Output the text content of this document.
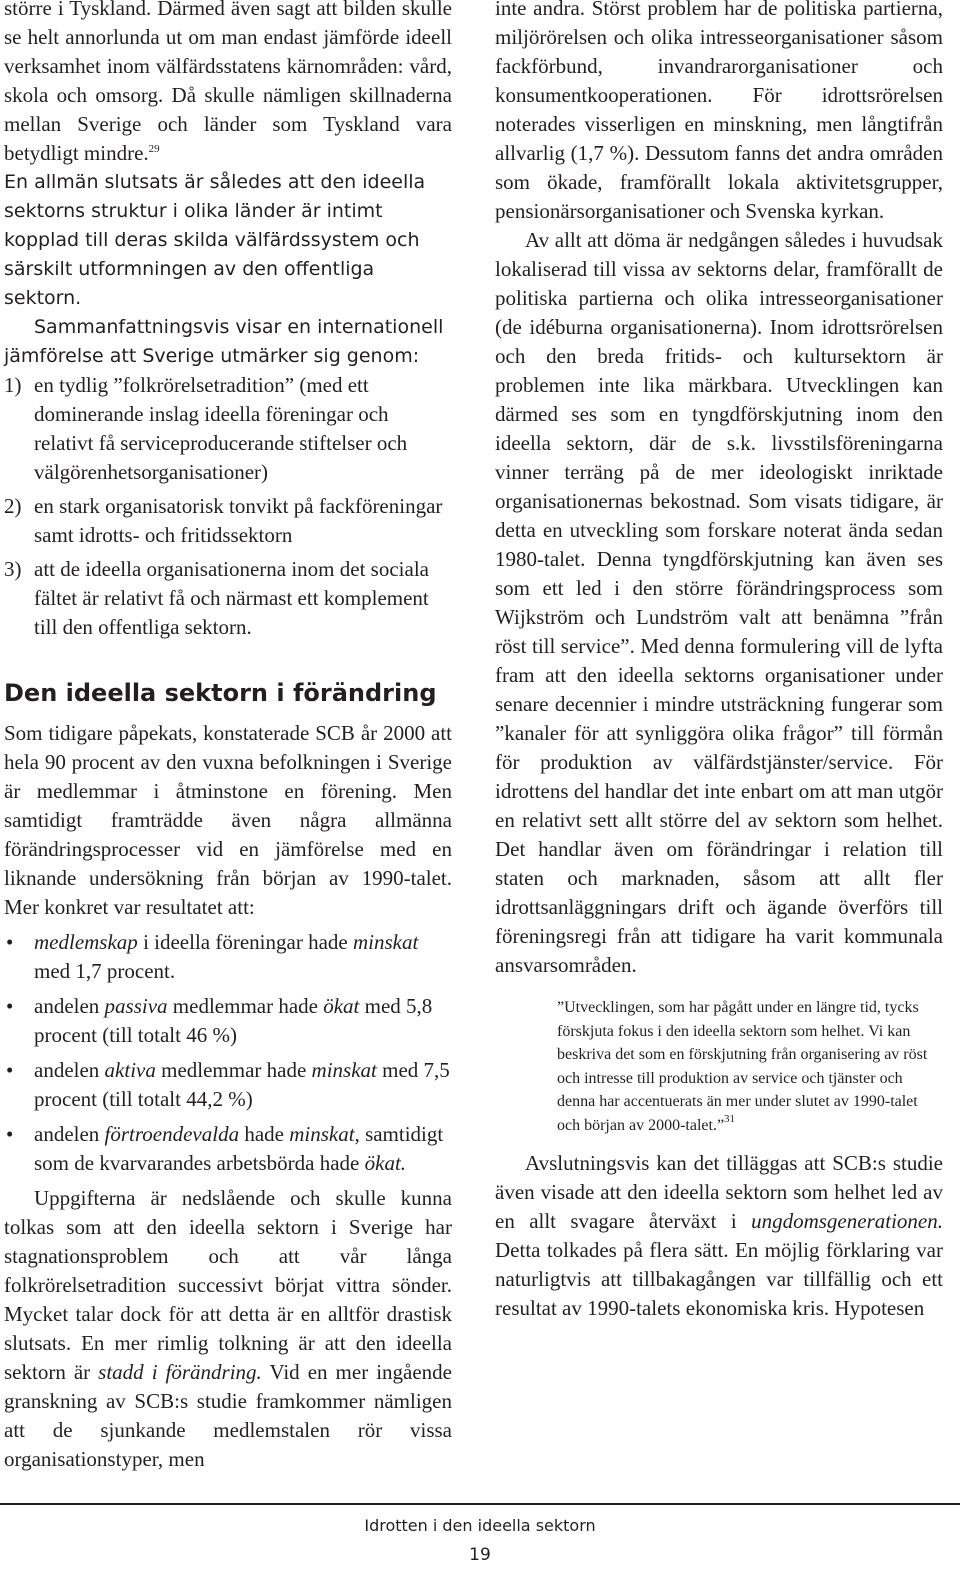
större i Tyskland. Därmed även sagt att bilden skulle se helt annorlunda ut om man endast jämförde ideell verksamhet inom välfärdsstatens kärnområden: vård, skola och omsorg. Då skulle nämligen skillnaderna mellan Sverige och länder som Tyskland vara betydligt mindre.$^{29}$

En allmän slutsats är således att den ideella sektorns struktur i olika länder är intimt kopplad till deras skilda välfärdssystem och särskilt utformningen av den offentliga sektorn.

Sammanfattningsvis visar en internationell jämförelse att Sverige utmärker sig genom:

1) en tydlig ”folkrörelsetradition” (med ett dominerande inslag ideella föreningar och relativt få serviceproducerande stiftelser och välgörenhetsorganisationer)
2) en stark organisatorisk tonvikt på fackföreningar samt idrotts- och fritidssektorn
3) att de ideella organisationerna inom det sociala fältet är relativt få och närmast ett komplement till den offentliga sektorn.
Den ideella sektorn i förändring

Som tidigare påpekats, konstaterade SCB år 2000 att hela 90 procent av den vuxna befolkningen i Sverige är medlemmar i åtminstone en förening. Men samtidigt framträdde även några allmänna förändringsprocesser vid en jämförelse med en liknande undersökning från början av 1990-talet. Mer konkret var resultatet att:

• medlemskap i ideella föreningar hade minskat med 1,7 procent.
• andelen passiva medlemmar hade ökat med 5,8 procent (till totalt 46 %)
• andelen aktiva medlemmar hade minskat med 7,5 procent (till totalt 44,2 %)
• andelen förtroendevalda hade minskat, samtidigt som de kvarvarandes arbetsbörda hade ökat.

Uppgifterna är nedslående och skulle kunna tolkas som att den ideella sektorn i Sverige har stagnationsproblem och att vår långa folkrörelsetradition successivt börjat vittra sönder. Mycket talar dock för att detta är en alltför drastisk slutsats. En mer rimlig tolkning är att den ideella sektorn är stadd i förändring. Vid en mer ingående granskning av SCB:s studie framkommer nämligen att de sjunkande medlemstalen rör vissa organisationstyper, men

inte andra. Störst problem har de politiska partierna, miljörörelsen och olika intresseorganisationer såsom fackförbund, invandrarorganisationer och konsumentkooperationen. För idrottsrörelsen noterades visserligen en minskning, men långtifrån allvarlig (1,7 %). Dessutom fanns det andra områden som ökade, framförallt lokala aktivitetsgrupper, pensionärsorganisationer och Svenska kyrkan.

Av allt att döma är nedgången således i huvudsak lokaliserad till vissa av sektorns delar, framförallt de politiska partierna och olika intresseorganisationer (de idéburna organisationerna). Inom idrottsrörelsen och den breda fritids- och kultursektorn är problemen inte lika märkbara. Utvecklingen kan därmed ses som en tyngdförskjutning inom den ideella sektorn, där de s.k. livsstilsföreningarna vinner terräng på de mer ideologiskt inriktade organisationernas bekostnad. Som visats tidigare, är detta en utveckling som forskare noterat ända sedan 1980-talet. Denna tyngdförskjutning kan även ses som ett led i den större förändringsprocess som Wijkström och Lundström valt att benämna ”från röst till service”. Med denna formulering vill de lyfta fram att den ideella sektorns organisationer under senare decennier i mindre utsträckning fungerar som ”kanaler för att synliggöra olika frågor” till förmån för produktion av välfärdstjänster/service. För idrottens del handlar det inte enbart om att man utgör en relativt sett allt större del av sektorn som helhet. Det handlar även om förändringar i relation till staten och marknaden, såsom att allt fler idrottsanläggningars drift och ägande överförs till föreningsregi från att tidigare ha varit kommunala ansvarsområden.

”Utvecklingen, som har pågått under en längre tid, tycks förskjuta fokus i den ideella sektorn som helhet. Vi kan beskriva det som en förskjutning från organisering av röst och intresse till produktion av service och tjänster och denna har accentuerats än mer under slutet av 1990-talet och början av 2000-talet.”$^{31}$

Avslutningsvis kan det tilläggas att SCB:s studie även visade att den ideella sektorn som helhet led av en allt svagare återväxt i ungdomsgenerationen. Detta tolkades på flera sätt. En möjlig förklaring var naturligtvis att tillbakagången var tillfällig och ett resultat av 1990-talets ekonomiska kris. Hypotesen

Idrotten i den ideella sektorn
19
